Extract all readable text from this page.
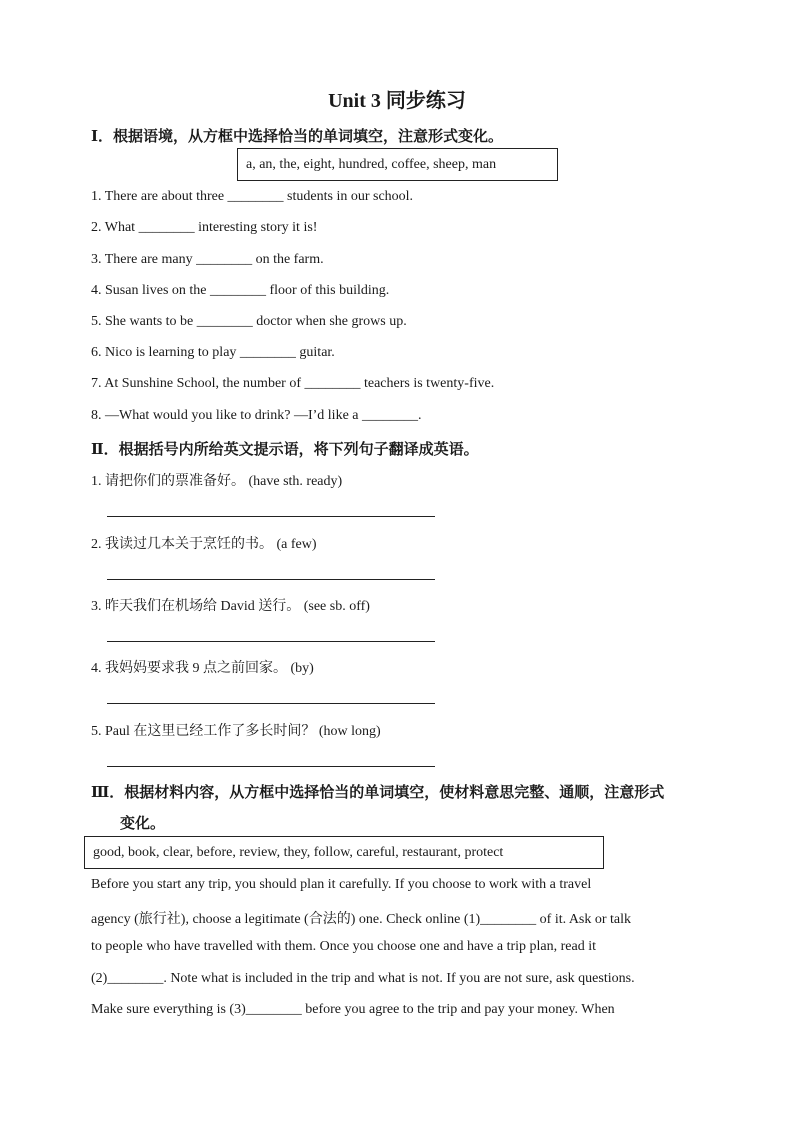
Unit 3 同步练习
Ⅰ．根据语境，从方框中选择恰当的单词填空，注意形式变化。
a, an, the, eight, hundred, coffee, sheep, man
1. There are about three ________ students in our school.
2. What ________ interesting story it is!
3. There are many ________ on the farm.
4. Susan lives on the ________ floor of this building.
5. She wants to be ________ doctor when she grows up.
6. Nico is learning to play ________ guitar.
7. At Sunshine School, the number of ________ teachers is twenty-five.
8. —What would you like to drink? —I’d like a ________.
Ⅱ．根据括号内所给英文提示语，将下列句子翻译成英语。
1. 请把你们的票准备好。 (have sth. ready)
2. 我读过几本关于烹饪的书。 (a few)
3. 昨天我们在机场给 David 送行。 (see sb. off)
4. 我妈妈要求我 9 点之前回家。 (by)
5. Paul 在这里已经工作了多长时间？ (how long)
Ⅲ．根据材料内容，从方框中选择恰当的单词填空，使材料意思完整、通顺，注意形式
变化。
good, book, clear, before, review, they, follow, careful, restaurant, protect
Before you start any trip, you should plan it carefully. If you choose to work with a travel
agency (旅行社), choose a legitimate (合法的) one. Check online (1)________ of it. Ask or talk
to people who have travelled with them. Once you choose one and have a trip plan, read it
(2)________. Note what is included in the trip and what is not. If you are not sure, ask questions.
Make sure everything is (3)________ before you agree to the trip and pay your money. When
